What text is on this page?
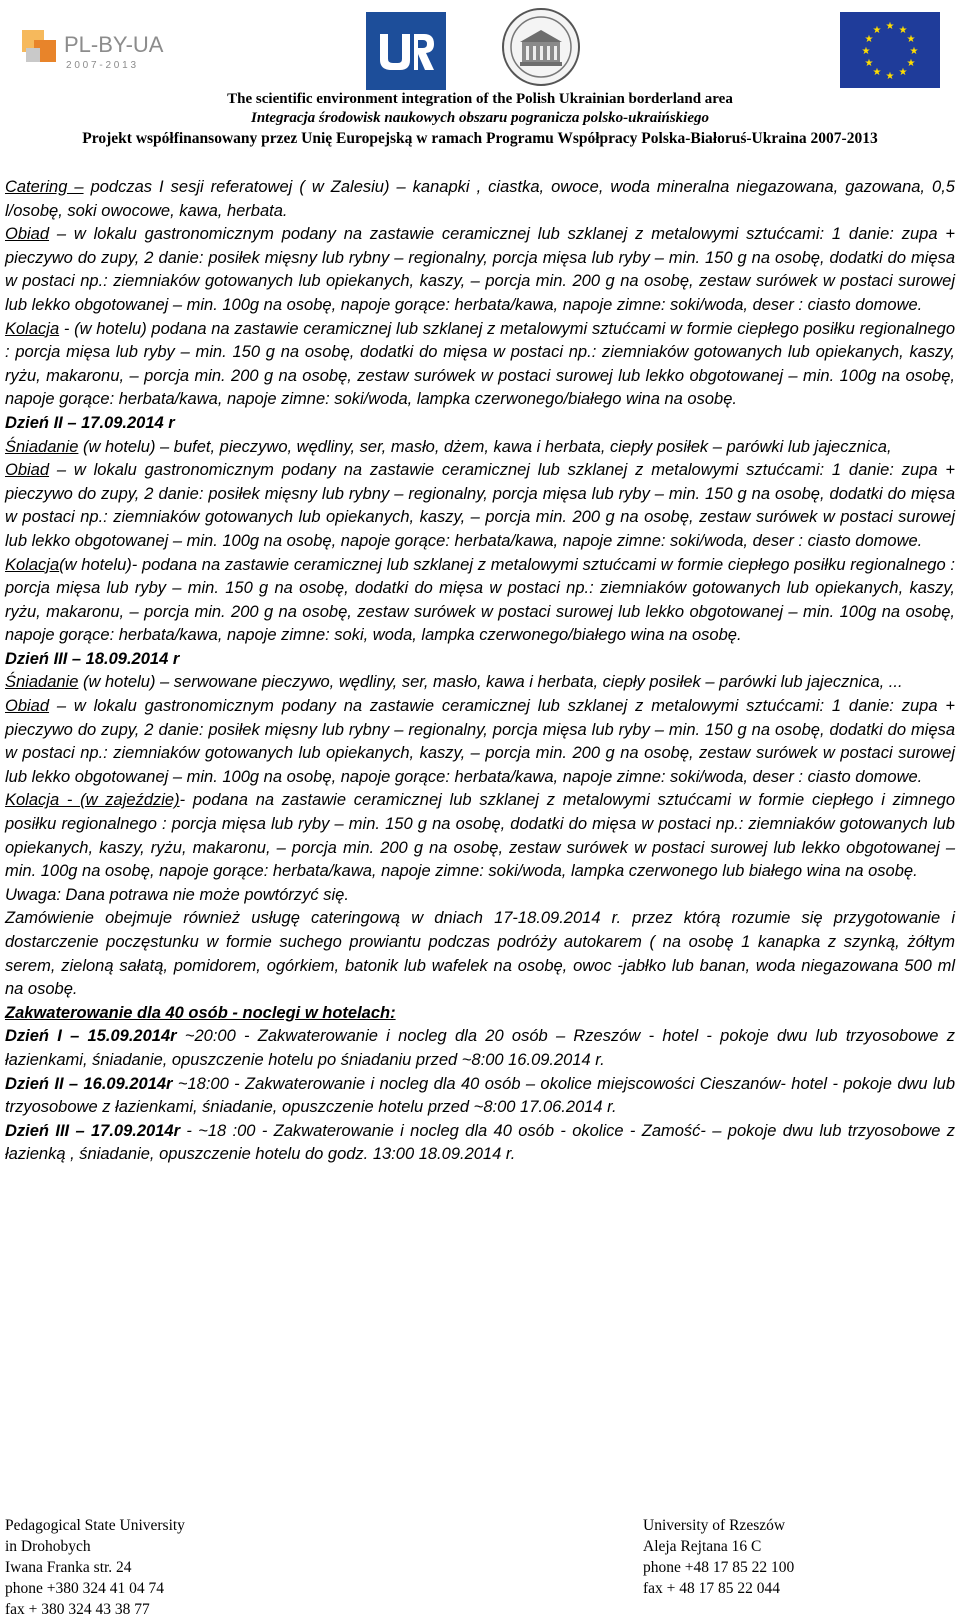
PL-BY-UA
2 0 0 7 - 2 0 1 3
★ ★
★
★
★
★
★
★
★
★
★
★
The scientific environment integration of the Polish Ukrainian borderland area
Integracja środowisk naukowych obszaru pogranicza polsko-ukraińskiego
Projekt współfinansowany przez Unię Europejską w ramach Programu Współpracy Polska-Białoruś-Ukraina 2007-2013

Catering – podczas I sesji referatowej ( w Zalesiu) – kanapki , ciastka, owoce, woda mineralna niegazowana, gazowana, 0,5 l/osobę, soki owocowe, kawa, herbata.

Obiad – w lokalu gastronomicznym podany na zastawie ceramicznej lub szklanej z metalowymi sztućcami: 1 danie: zupa + pieczywo do zupy, 2 danie: posiłek mięsny lub rybny – regionalny, porcja mięsa lub ryby – min. 150 g na osobę, dodatki do mięsa w postaci np.: ziemniaków gotowanych lub opiekanych, kaszy, – porcja min. 200 g na osobę, zestaw surówek w postaci surowej lub lekko obgotowanej – min. 100g na osobę, napoje gorące: herbata/kawa, napoje zimne: soki/woda, deser : ciasto domowe.

Kolacja - (w hotelu) podana na zastawie ceramicznej lub szklanej z metalowymi sztućcami w formie ciepłego posiłku regionalnego : porcja mięsa lub ryby – min. 150 g na osobę, dodatki do mięsa w postaci np.: ziemniaków gotowanych lub opiekanych, kaszy, ryżu, makaronu, – porcja min. 200 g na osobę, zestaw surówek w postaci surowej lub lekko obgotowanej – min. 100g na osobę, napoje gorące: herbata/kawa, napoje zimne: soki/woda, lampka czerwonego/białego wina na osobę.

Dzień II – 17.09.2014 r

Śniadanie (w hotelu) – bufet, pieczywo, wędliny, ser, masło, dżem, kawa i herbata, ciepły posiłek – parówki lub jajecznica,

Obiad – w lokalu gastronomicznym podany na zastawie ceramicznej lub szklanej z metalowymi sztućcami: 1 danie: zupa + pieczywo do zupy, 2 danie: posiłek mięsny lub rybny – regionalny, porcja mięsa lub ryby – min. 150 g na osobę, dodatki do mięsa w postaci np.: ziemniaków gotowanych lub opiekanych, kaszy, – porcja min. 200 g na osobę, zestaw surówek w postaci surowej lub lekko obgotowanej – min. 100g na osobę, napoje gorące: herbata/kawa, napoje zimne: soki/woda, deser : ciasto domowe.

Kolacja(w hotelu)- podana na zastawie ceramicznej lub szklanej z metalowymi sztućcami w formie ciepłego posiłku regionalnego : porcja mięsa lub ryby – min. 150 g na osobę, dodatki do mięsa w postaci np.: ziemniaków gotowanych lub opiekanych, kaszy, ryżu, makaronu, – porcja min. 200 g na osobę, zestaw surówek w postaci surowej lub lekko obgotowanej – min. 100g na osobę, napoje gorące: herbata/kawa, napoje zimne: soki, woda, lampka czerwonego/białego wina na osobę.

Dzień III – 18.09.2014 r

Śniadanie (w hotelu) – serwowane pieczywo, wędliny, ser, masło, kawa i herbata, ciepły posiłek – parówki lub jajecznica, ...

Obiad – w lokalu gastronomicznym podany na zastawie ceramicznej lub szklanej z metalowymi sztućcami: 1 danie: zupa + pieczywo do zupy, 2 danie: posiłek mięsny lub rybny – regionalny, porcja mięsa lub ryby – min. 150 g na osobę, dodatki do mięsa w postaci np.: ziemniaków gotowanych lub opiekanych, kaszy, – porcja min. 200 g na osobę, zestaw surówek w postaci surowej lub lekko obgotowanej – min. 100g na osobę, napoje gorące: herbata/kawa, napoje zimne: soki/woda, deser : ciasto domowe.

Kolacja - (w zajeździe)- podana na zastawie ceramicznej lub szklanej z metalowymi sztućcami w formie ciepłego i zimnego posiłku regionalnego : porcja mięsa lub ryby – min. 150 g na osobę, dodatki do mięsa w postaci np.: ziemniaków gotowanych lub opiekanych, kaszy, ryżu, makaronu, – porcja min. 200 g na osobę, zestaw surówek w postaci surowej lub lekko obgotowanej – min. 100g na osobę, napoje gorące: herbata/kawa, napoje zimne: soki/woda, lampka czerwonego lub białego wina na osobę.

Uwaga: Dana potrawa nie może powtórzyć się.

Zamówienie obejmuje również usługę cateringową w dniach 17-18.09.2014 r. przez którą rozumie się przygotowanie i dostarczenie poczęstunku w formie suchego prowiantu podczas podróży autokarem ( na osobę 1 kanapka z szynką, żółtym serem, zieloną sałatą, pomidorem, ogórkiem, batonik lub wafelek na osobę, owoc -jabłko lub banan, woda niegazowana 500 ml na osobę.

Zakwaterowanie dla 40 osób - noclegi w hotelach:

Dzień I – 15.09.2014r ~20:00 - Zakwaterowanie i nocleg dla 20 osób – Rzeszów - hotel - pokoje dwu lub trzyosobowe z łazienkami, śniadanie, opuszczenie hotelu po śniadaniu przed ~8:00 16.09.2014 r.

Dzień II – 16.09.2014r ~18:00 - Zakwaterowanie i nocleg dla 40 osób – okolice miejscowości Cieszanów- hotel - pokoje dwu lub trzyosobowe z łazienkami, śniadanie, opuszczenie hotelu przed ~8:00 17.06.2014 r.

Dzień III – 17.09.2014r - ~18 :00 - Zakwaterowanie i nocleg dla 40 osób - okolice - Zamość- – pokoje dwu lub trzyosobowe z łazienką , śniadanie, opuszczenie hotelu do godz. 13:00 18.09.2014 r.

Pedagogical State University
in Drohobych
Iwana Franka str. 24
phone +380 324 41 04 74
fax + 380 324 43 38 77
University of Rzeszów
Aleja Rejtana 16 C
phone +48 17 85 22 100
fax + 48 17 85 22 044
